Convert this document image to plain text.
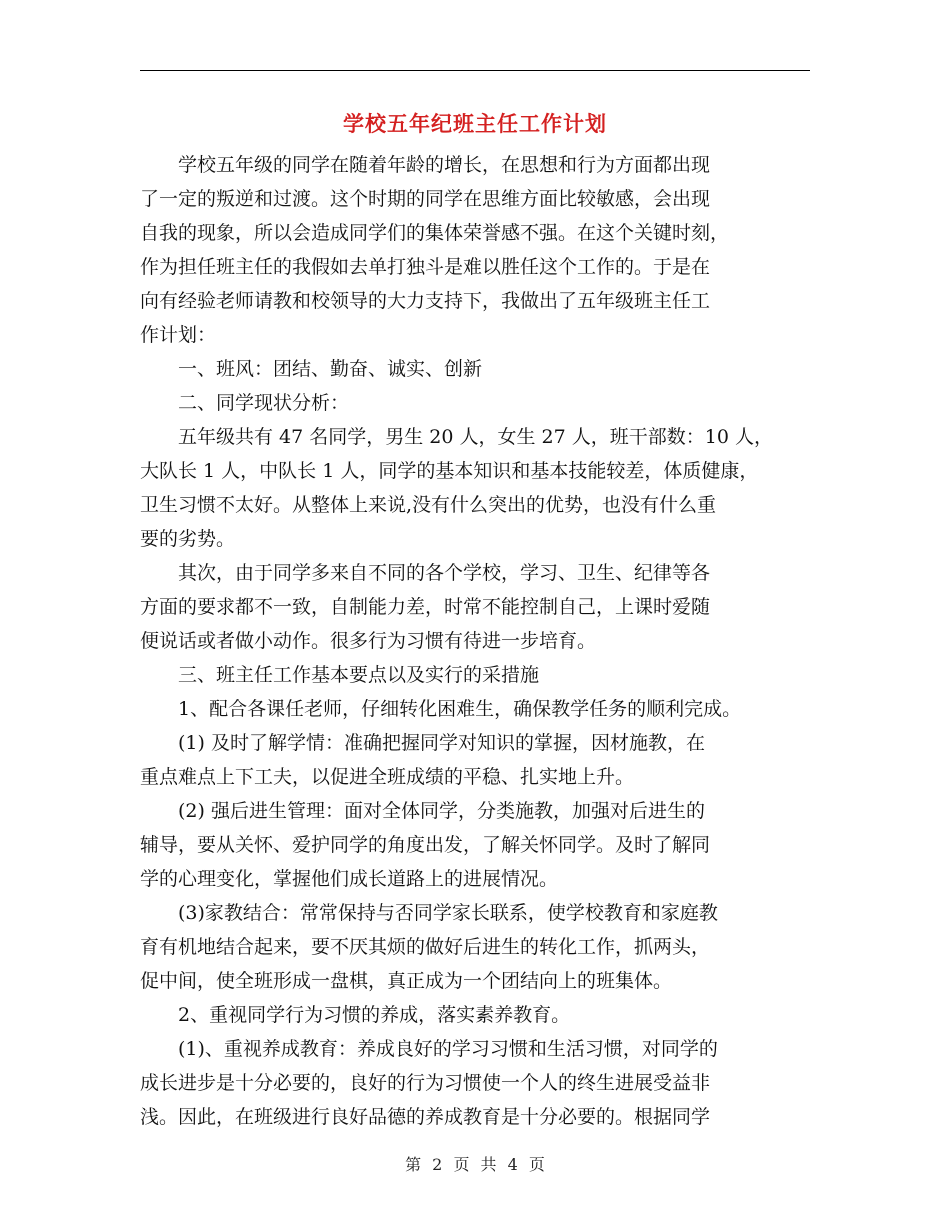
学校五年纪班主任工作计划
　　学校五年级的同学在随着年龄的增长，在思想和行为方面都出现
了一定的叛逆和过渡。这个时期的同学在思维方面比较敏感，会出现
自我的现象，所以会造成同学们的集体荣誉感不强。在这个关键时刻，
作为担任班主任的我假如去单打独斗是难以胜任这个工作的。于是在
向有经验老师请教和校领导的大力支持下，我做出了五年级班主任工
作计划：
　　一、班风：团结、勤奋、诚实、创新
　　二、同学现状分析：
　　五年级共有 47 名同学，男生 20 人，女生 27 人，班干部数：10 人，
大队长 1 人，中队长 1 人，同学的基本知识和基本技能较差，体质健康，
卫生习惯不太好。从整体上来说,没有什么突出的优势，也没有什么重
要的劣势。
　　其次，由于同学多来自不同的各个学校，学习、卫生、纪律等各
方面的要求都不一致，自制能力差，时常不能控制自己，上课时爱随
便说话或者做小动作。很多行为习惯有待进一步培育。
　　三、班主任工作基本要点以及实行的采措施
　　1、配合各课任老师，仔细转化困难生，确保教学任务的顺利完成。
　　(1) 及时了解学情：准确把握同学对知识的掌握，因材施教，在
重点难点上下工夫，以促进全班成绩的平稳、扎实地上升。
　　(2) 强后进生管理：面对全体同学，分类施教，加强对后进生的
辅导，要从关怀、爱护同学的角度出发，了解关怀同学。及时了解同
学的心理变化，掌握他们成长道路上的进展情况。
　　(3)家教结合：常常保持与否同学家长联系，使学校教育和家庭教
育有机地结合起来，要不厌其烦的做好后进生的转化工作，抓两头，
促中间，使全班形成一盘棋，真正成为一个团结向上的班集体。
　　2、重视同学行为习惯的养成，落实素养教育。
　　(1)、重视养成教育：养成良好的学习习惯和生活习惯，对同学的
成长进步是十分必要的，良好的行为习惯使一个人的终生进展受益非
浅。因此，在班级进行良好品德的养成教育是十分必要的。根据同学
第 2 页 共 4 页
